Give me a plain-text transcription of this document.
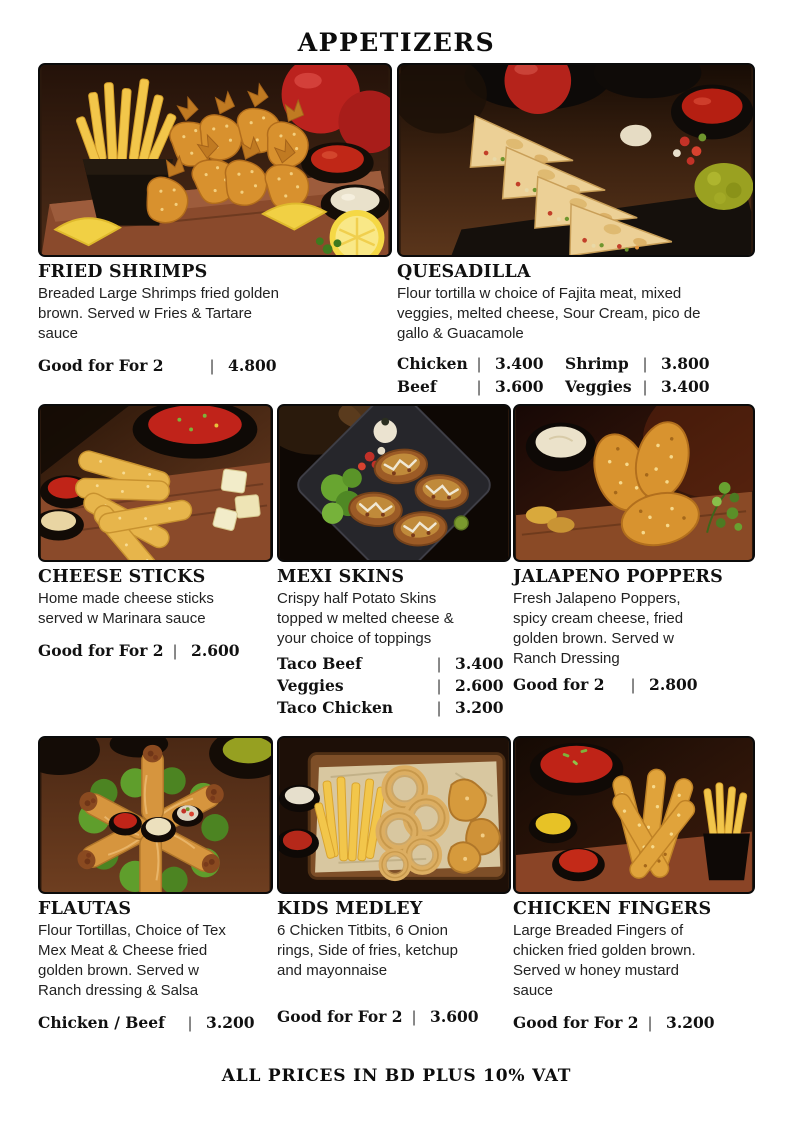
APPETIZERS
FRIED SHRIMPS

Breaded Large Shrimps fried golden brown. Served w Fries & Tartare sauce

Good for For 2	| 4.800
QUESADILLA

Flour tortilla w choice of Fajita meat, mixed veggies, melted cheese, Sour Cream, pico de gallo & Guacamole

Chicken | 3.400 Shrimp | 3.800
Beef	| 3.600 Veggies | 3.400
CHEESE STICKS

Home made cheese sticks served w Marinara sauce

Good for For 2 | 2.600
MEXI SKINS

Crispy half Potato Skins topped w melted cheese & your choice of toppings

Taco Beef	| 3.400
Veggies	| 2.600
Taco Chicken	| 3.200
JALAPENO POPPERS

Fresh Jalapeno Poppers, spicy cream cheese, fried golden brown. Served w Ranch Dressing

Good for 2	| 2.800
FLAUTAS

Flour Tortillas, Choice of Tex Mex Meat & Cheese fried golden brown. Served w Ranch dressing & Salsa

Chicken / Beef	| 3.200
KIDS MEDLEY

6 Chicken Titbits, 6 Onion rings, Side of fries, ketchup and mayonnaise

Good for For 2 | 3.600
CHICKEN FINGERS

Large Breaded Fingers of chicken fried golden brown. Served w honey mustard sauce

Good for For 2 | 3.200
ALL PRICES IN BD PLUS 10% VAT
